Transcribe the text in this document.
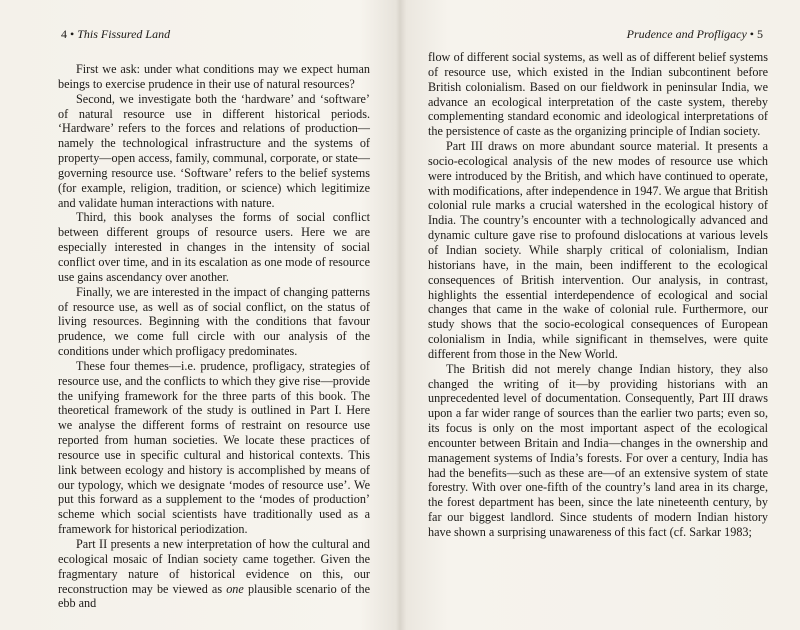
4 • This Fissured Land

First we ask: under what conditions may we expect human beings to exercise prudence in their use of natural resources?

Second, we investigate both the ‘hardware’ and ‘software’ of natural resource use in different historical periods. ‘Hardware’ refers to the forces and relations of production—namely the technological infrastructure and the systems of property—open access, family, communal, corporate, or state—governing resource use. ‘Software’ refers to the belief systems (for example, religion, tradition, or science) which legitimize and validate human interactions with nature.

Third, this book analyses the forms of social conflict between different groups of resource users. Here we are especially interested in changes in the intensity of social conflict over time, and in its escalation as one mode of resource use gains ascendancy over another.

Finally, we are interested in the impact of changing patterns of resource use, as well as of social conflict, on the status of living resources. Beginning with the conditions that favour prudence, we come full circle with our analysis of the conditions under which profligacy predominates.

These four themes—i.e. prudence, profligacy, strategies of resource use, and the conflicts to which they give rise—provide the unifying framework for the three parts of this book. The theoretical framework of the study is outlined in Part I. Here we analyse the different forms of restraint on resource use reported from human societies. We locate these practices of resource use in specific cultural and historical contexts. This link between ecology and history is accomplished by means of our typology, which we designate ‘modes of resource use’. We put this forward as a supplement to the ‘modes of production’ scheme which social scientists have traditionally used as a framework for historical periodization.

Part II presents a new interpretation of how the cultural and ecological mosaic of Indian society came together. Given the fragmentary nature of historical evidence on this, our reconstruction may be viewed as one plausible scenario of the ebb and

Prudence and Profligacy • 5

flow of different social systems, as well as of different belief systems of resource use, which existed in the Indian subcontinent before British colonialism. Based on our fieldwork in peninsular India, we advance an ecological interpretation of the caste system, thereby complementing standard economic and ideological interpretations of the persistence of caste as the organizing principle of Indian society.

Part III draws on more abundant source material. It presents a socio-ecological analysis of the new modes of resource use which were introduced by the British, and which have continued to operate, with modifications, after independence in 1947. We argue that British colonial rule marks a crucial watershed in the ecological history of India. The country’s encounter with a technologically advanced and dynamic culture gave rise to profound dislocations at various levels of Indian society. While sharply critical of colonialism, Indian historians have, in the main, been indifferent to the ecological consequences of British intervention. Our analysis, in contrast, highlights the essential interdependence of ecological and social changes that came in the wake of colonial rule. Furthermore, our study shows that the socio-ecological consequences of European colonialism in India, while significant in themselves, were quite different from those in the New World.

The British did not merely change Indian history, they also changed the writing of it—by providing historians with an unprecedented level of documentation. Consequently, Part III draws upon a far wider range of sources than the earlier two parts; even so, its focus is only on the most important aspect of the ecological encounter between Britain and India—changes in the ownership and management systems of India’s forests. For over a century, India has had the benefits—such as these are—of an extensive system of state forestry. With over one-fifth of the country’s land area in its charge, the forest department has been, since the late nineteenth century, by far our biggest landlord. Since students of modern Indian history have shown a surprising unawareness of this fact (cf. Sarkar 1983;
